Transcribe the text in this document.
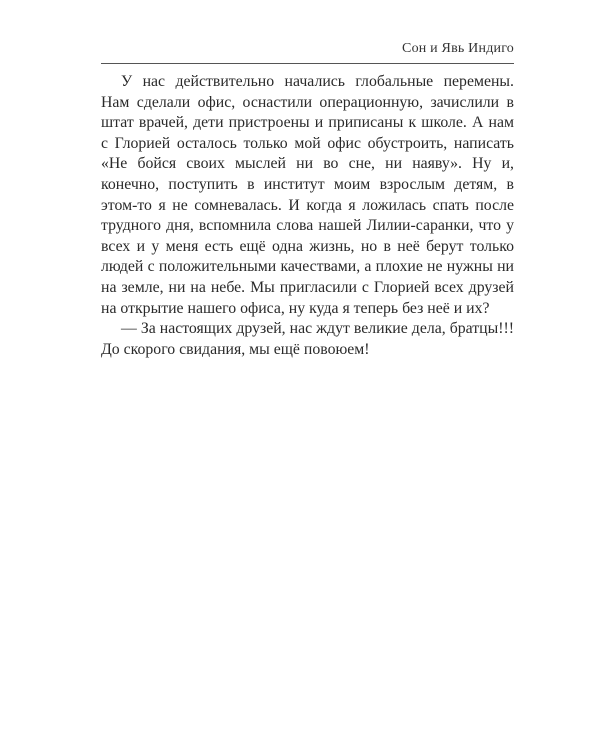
Сон и Явь Индиго

У нас действительно начались глобальные перемены. Нам сделали офис, оснастили операционную, зачислили в штат врачей, дети пристроены и приписаны к школе. А нам с Глорией осталось только мой офис обустроить, написать «Не бойся своих мыслей ни во сне, ни наяву». Ну и, конечно, поступить в институт моим взрослым детям, в этом-то я не сомневалась. И когда я ложилась спать после трудного дня, вспомнила слова нашей Лилии-саранки, что у всех и у меня есть ещё одна жизнь, но в неё берут только людей с положительными качествами, а плохие не нужны ни на земле, ни на небе. Мы пригласили с Глорией всех друзей на открытие нашего офиса, ну куда я теперь без неё и их?

— За настоящих друзей, нас ждут великие дела, братцы!!! До скорого свидания, мы ещё повоюем!
